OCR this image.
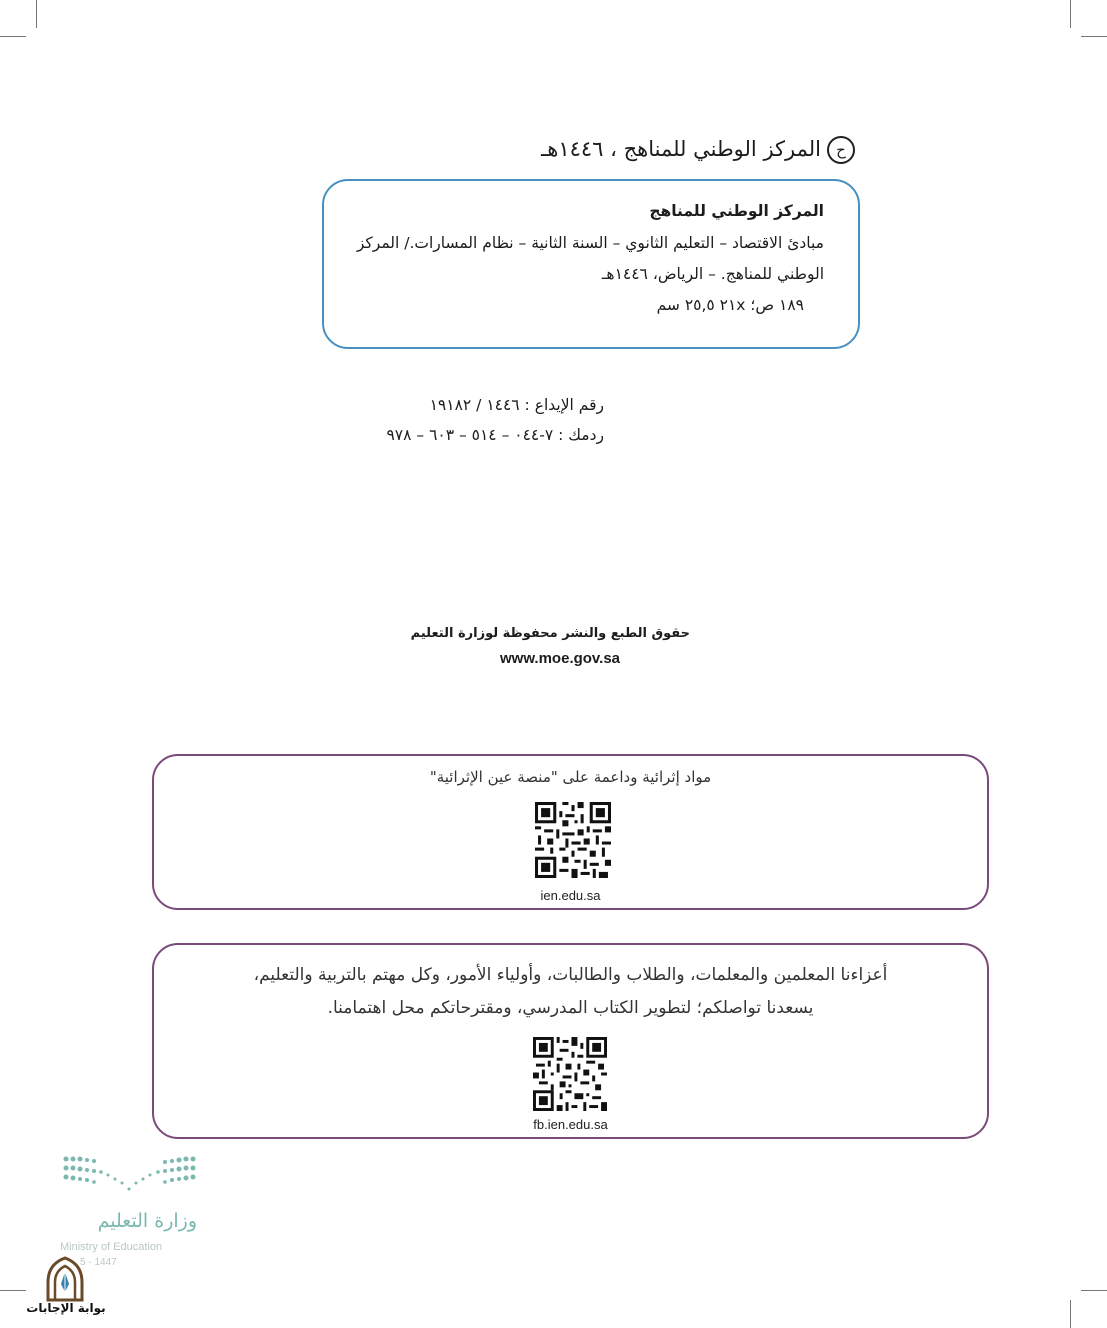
حالمركز الوطني للمناهج ، ١٤٤٦هـ
المركز الوطني للمناهج
مبادئ الاقتصاد – التعليم الثانوي – السنة الثانية – نظام المسارات./ المركز
الوطني للمناهج. – الرياض، ١٤٤٦هـ
١٨٩ ص؛ ٢١x ٢٥,٥ سم
رقم الإيداع : ١٤٤٦ / ١٩١٨٢
ردمك : ٧-٠٤٤ – ٥١٤ – ٦٠٣ – ٩٧٨
حقوق الطبع والنشر محفوظة لوزارة التعليم
www.moe.gov.sa
مواد إثرائية وداعمة على "منصة عين الإثرائية"
ien.edu.sa
أعزاءنا المعلمين والمعلمات، والطلاب والطالبات، وأولياء الأمور، وكل مهتم بالتربية والتعليم،
يسعدنا تواصلكم؛ لتطوير الكتاب المدرسي، ومقترحاتكم محل اهتمامنا.
fb.ien.edu.sa
وزارة التعليم
Ministry of Education
5 - 1447
بوابة الإجابات
